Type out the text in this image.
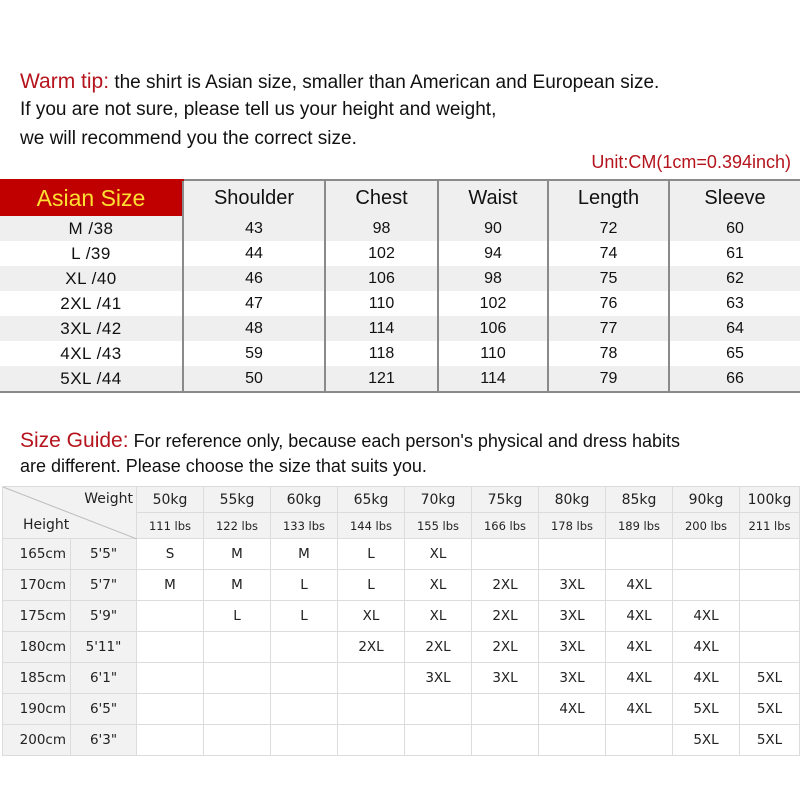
Warm tip: the shirt is Asian size, smaller than American and European size.
If you are not sure, please tell us your height and weight,
we will recommend you the correct size.
Unit:CM(1cm=0.394inch)
Asian Size	Shoulder	Chest	Waist	Length	Sleeve
M /38	43	98	90	72	60
L /39	44	102	94	74	61
XL /40	46	106	98	75	62
2XL /41	47	110	102	76	63
3XL /42	48	114	106	77	64
4XL /43	59	118	110	78	65
5XL /44	50	121	114	79	66
Size Guide: For reference only, because each person's physical and dress habits
are different. Please choose the size that suits you.
Weight
Height		50kg	55kg	60kg	65kg	70kg	75kg	80kg	85kg	90kg	100kg
		111 lbs	122 lbs	133 lbs	144 lbs	155 lbs	166 lbs	178 lbs	189 lbs	200 lbs	211 lbs
165cm	5'5"	S	M	M	L	XL					
170cm	5'7"	M	M	L	L	XL	2XL	3XL	4XL		
175cm	5'9"		L	L	XL	XL	2XL	3XL	4XL	4XL	
180cm	5'11"				2XL	2XL	2XL	3XL	4XL	4XL	
185cm	6'1"					3XL	3XL	3XL	4XL	4XL	5XL
190cm	6'5"							4XL	4XL	5XL	5XL
200cm	6'3"									5XL	5XL
